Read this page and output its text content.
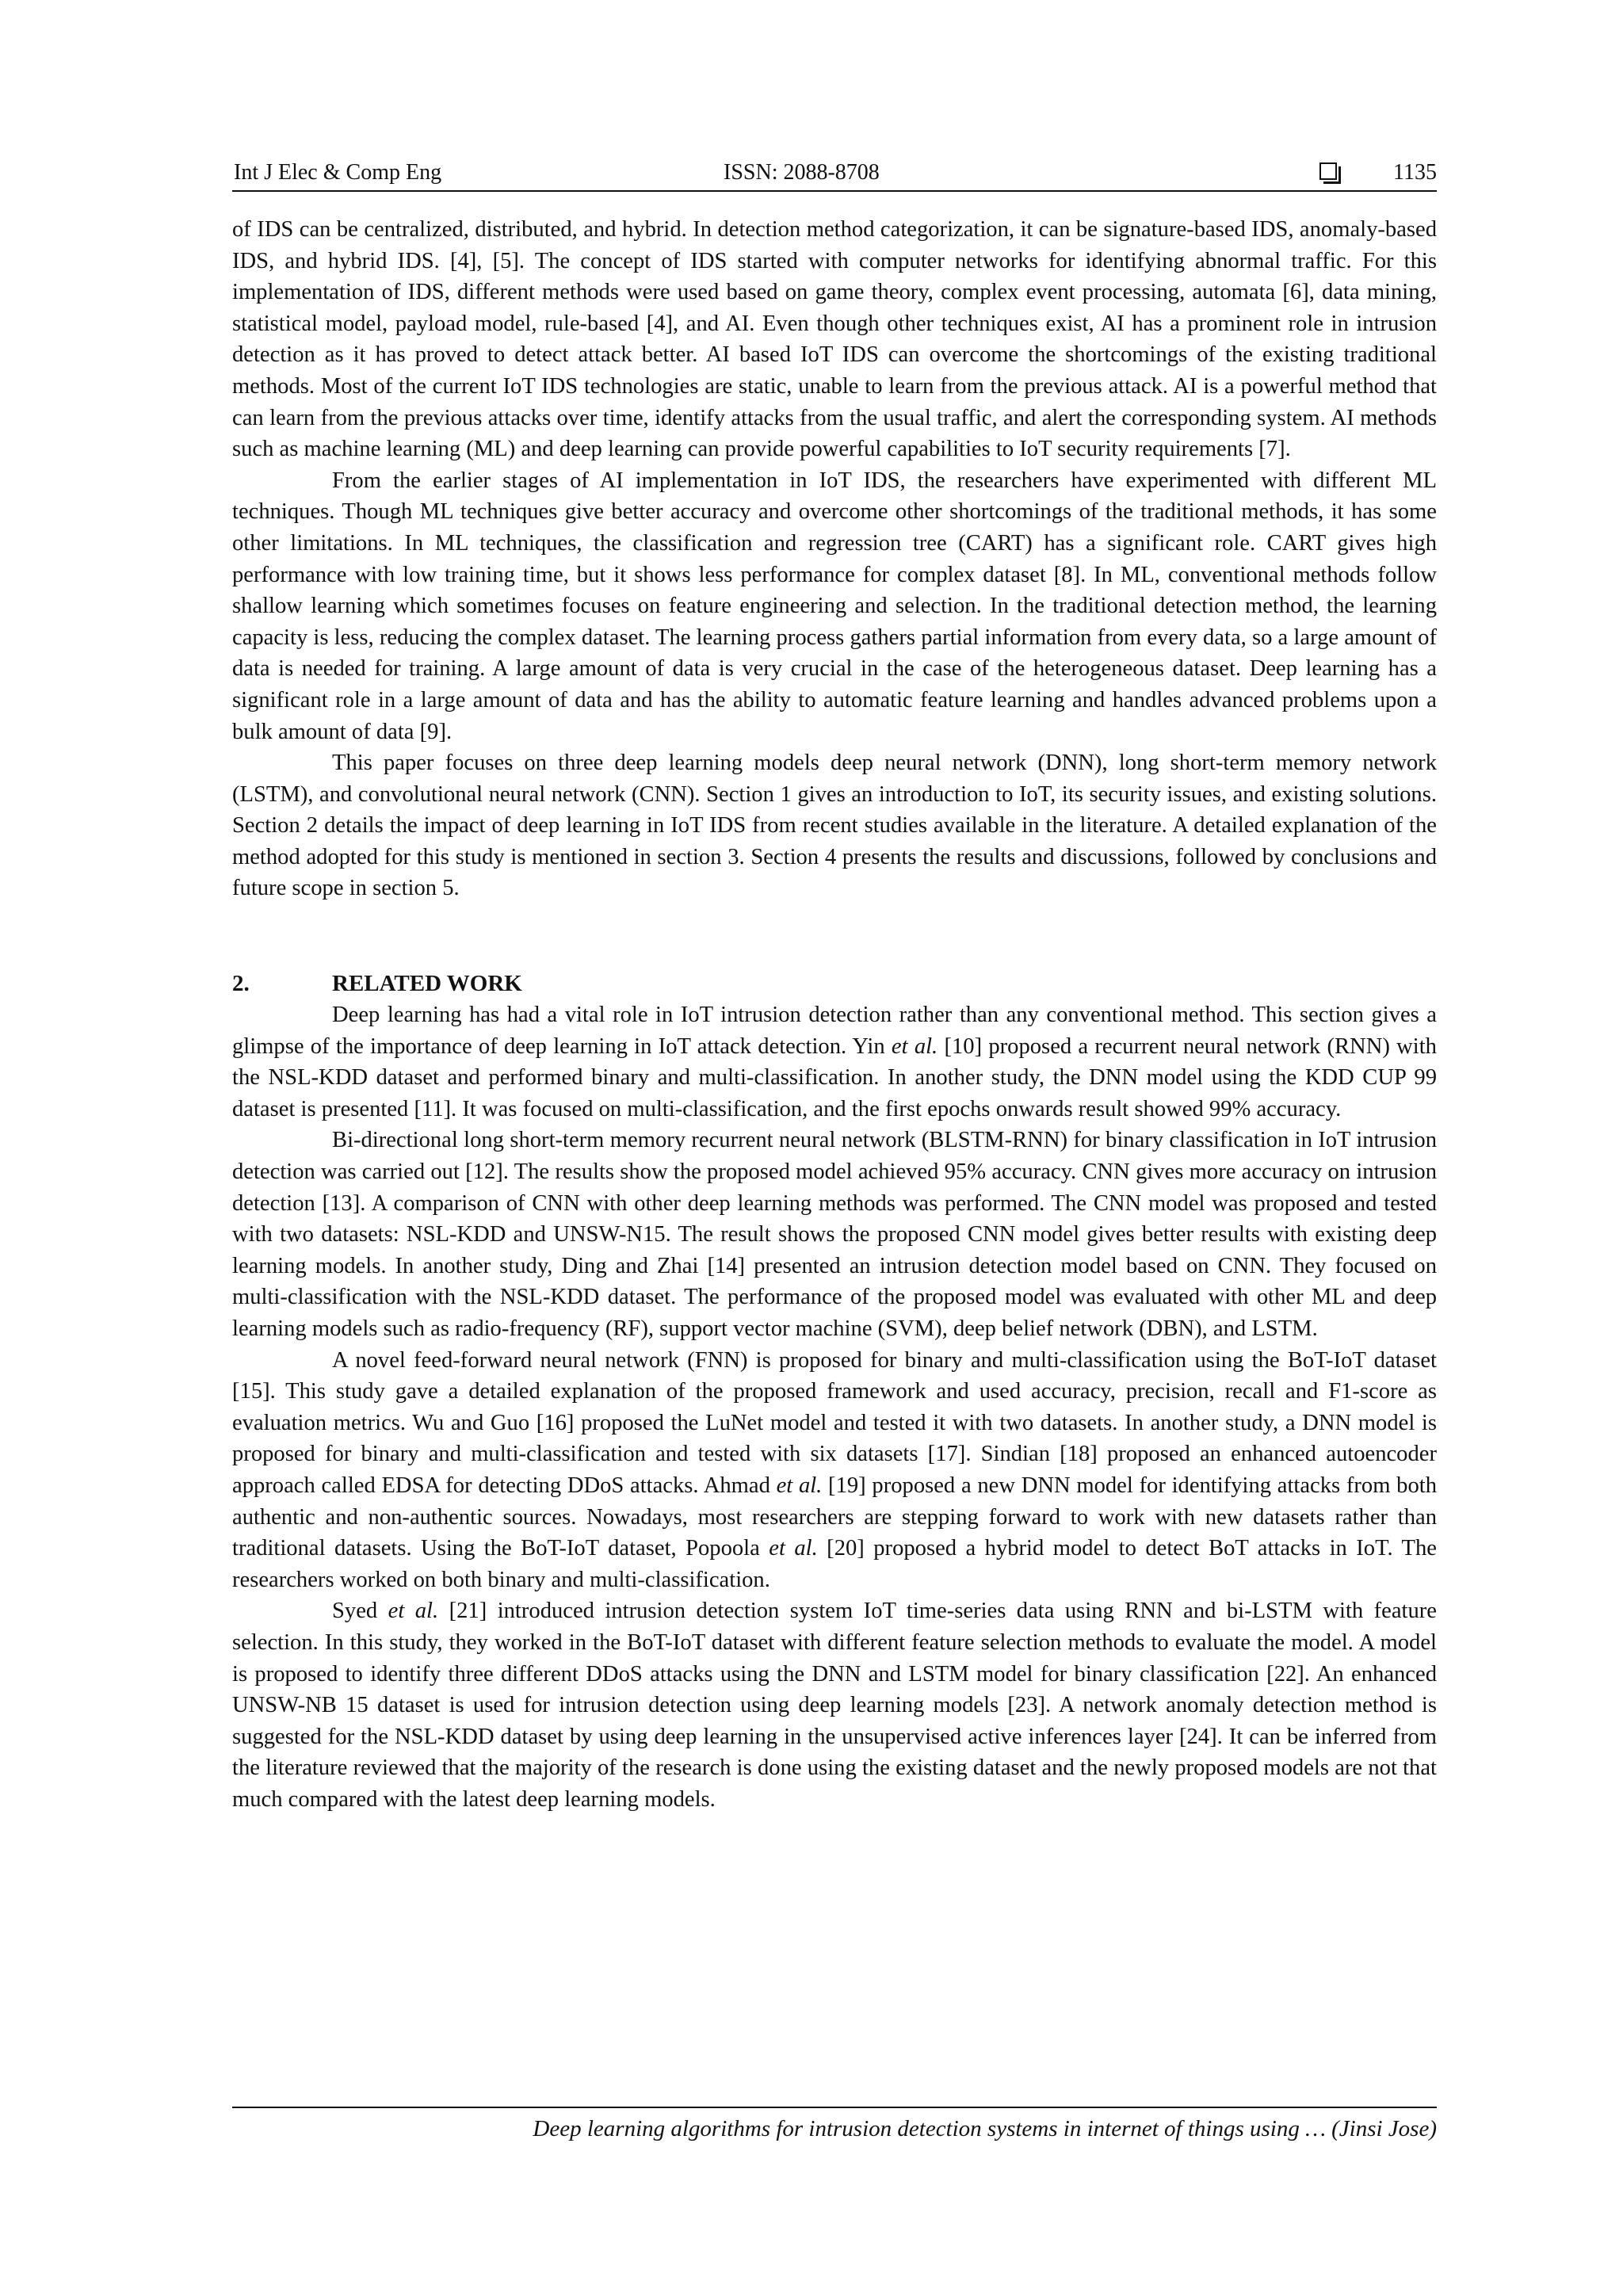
Int J Elec & Comp Eng	ISSN: 2088-8708	1135

of IDS can be centralized, distributed, and hybrid. In detection method categorization, it can be signature-based IDS, anomaly-based IDS, and hybrid IDS. [4], [5]. The concept of IDS started with computer networks for identifying abnormal traffic. For this implementation of IDS, different methods were used based on game theory, complex event processing, automata [6], data mining, statistical model, payload model, rule-based [4], and AI. Even though other techniques exist, AI has a prominent role in intrusion detection as it has proved to detect attack better. AI based IoT IDS can overcome the shortcomings of the existing traditional methods. Most of the current IoT IDS technologies are static, unable to learn from the previous attack. AI is a powerful method that can learn from the previous attacks over time, identify attacks from the usual traffic, and alert the corresponding system. AI methods such as machine learning (ML) and deep learning can provide powerful capabilities to IoT security requirements [7].

From the earlier stages of AI implementation in IoT IDS, the researchers have experimented with different ML techniques. Though ML techniques give better accuracy and overcome other shortcomings of the traditional methods, it has some other limitations. In ML techniques, the classification and regression tree (CART) has a significant role. CART gives high performance with low training time, but it shows less performance for complex dataset [8]. In ML, conventional methods follow shallow learning which sometimes focuses on feature engineering and selection. In the traditional detection method, the learning capacity is less, reducing the complex dataset. The learning process gathers partial information from every data, so a large amount of data is needed for training. A large amount of data is very crucial in the case of the heterogeneous dataset. Deep learning has a significant role in a large amount of data and has the ability to automatic feature learning and handles advanced problems upon a bulk amount of data [9].

This paper focuses on three deep learning models deep neural network (DNN), long short-term memory network (LSTM), and convolutional neural network (CNN). Section 1 gives an introduction to IoT, its security issues, and existing solutions. Section 2 details the impact of deep learning in IoT IDS from recent studies available in the literature. A detailed explanation of the method adopted for this study is mentioned in section 3. Section 4 presents the results and discussions, followed by conclusions and future scope in section 5.

2.	RELATED WORK

Deep learning has had a vital role in IoT intrusion detection rather than any conventional method. This section gives a glimpse of the importance of deep learning in IoT attack detection. Yin et al. [10] proposed a recurrent neural network (RNN) with the NSL-KDD dataset and performed binary and multi-classification. In another study, the DNN model using the KDD CUP 99 dataset is presented [11]. It was focused on multi-classification, and the first epochs onwards result showed 99% accuracy.

Bi-directional long short-term memory recurrent neural network (BLSTM-RNN) for binary classification in IoT intrusion detection was carried out [12]. The results show the proposed model achieved 95% accuracy. CNN gives more accuracy on intrusion detection [13]. A comparison of CNN with other deep learning methods was performed. The CNN model was proposed and tested with two datasets: NSL-KDD and UNSW-N15. The result shows the proposed CNN model gives better results with existing deep learning models. In another study, Ding and Zhai [14] presented an intrusion detection model based on CNN. They focused on multi-classification with the NSL-KDD dataset. The performance of the proposed model was evaluated with other ML and deep learning models such as radio-frequency (RF), support vector machine (SVM), deep belief network (DBN), and LSTM.

A novel feed-forward neural network (FNN) is proposed for binary and multi-classification using the BoT-IoT dataset [15]. This study gave a detailed explanation of the proposed framework and used accuracy, precision, recall and F1-score as evaluation metrics. Wu and Guo [16] proposed the LuNet model and tested it with two datasets. In another study, a DNN model is proposed for binary and multi-classification and tested with six datasets [17]. Sindian [18] proposed an enhanced autoencoder approach called EDSA for detecting DDoS attacks. Ahmad et al. [19] proposed a new DNN model for identifying attacks from both authentic and non-authentic sources. Nowadays, most researchers are stepping forward to work with new datasets rather than traditional datasets. Using the BoT-IoT dataset, Popoola et al. [20] proposed a hybrid model to detect BoT attacks in IoT. The researchers worked on both binary and multi-classification.

Syed et al. [21] introduced intrusion detection system IoT time-series data using RNN and bi-LSTM with feature selection. In this study, they worked in the BoT-IoT dataset with different feature selection methods to evaluate the model. A model is proposed to identify three different DDoS attacks using the DNN and LSTM model for binary classification [22]. An enhanced UNSW-NB 15 dataset is used for intrusion detection using deep learning models [23]. A network anomaly detection method is suggested for the NSL-KDD dataset by using deep learning in the unsupervised active inferences layer [24]. It can be inferred from the literature reviewed that the majority of the research is done using the existing dataset and the newly proposed models are not that much compared with the latest deep learning models.

Deep learning algorithms for intrusion detection systems in internet of things using … (Jinsi Jose)
